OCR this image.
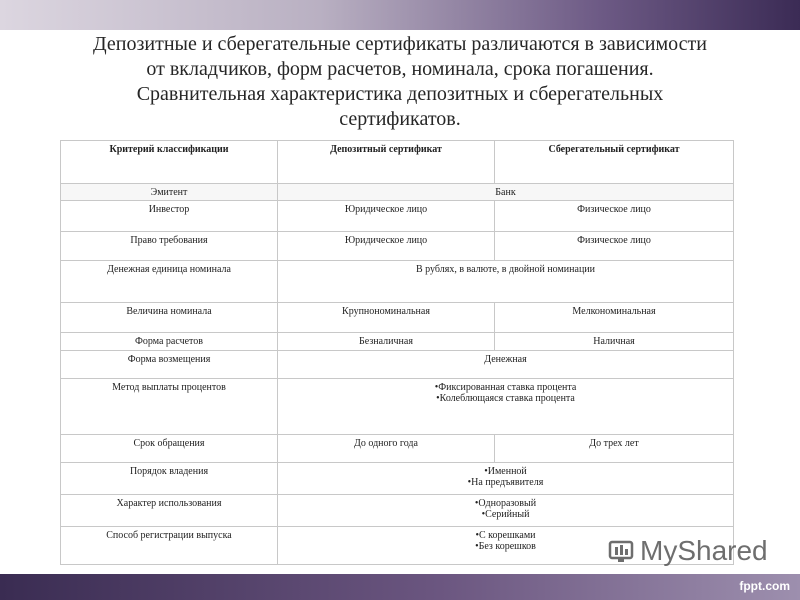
Депозитные и сберегательные сертификаты различаются в зависимости
от вкладчиков, форм расчетов, номинала, срока погашения.
Сравнительная характеристика депозитных и сберегательных
сертификатов.
Критерий классификации	Депозитный сертификат	Сберегательный сертификат
Эмитент	Банк	
Инвестор	Юридическое лицо	Физическое лицо
Право требования	Юридическое лицо	Физическое лицо
Денежная единица номинала	В рублях, в валюте, в двойной номинации	
Величина номинала	Крупнономинальная	Мелкономинальная
Форма расчетов	Безналичная	Наличная
Форма возмещения	Денежная	
Метод выплаты процентов	• Фиксированная ставка процента
• Колеблющаяся ставка процента

Срок обращения	До одного года	До трех лет
Порядок владения	• Именной
• На предъявителя

Характер использования	• Одноразовый
• Серийный

Способ регистрации выпуска	• С корешками
• Без корешков	MyShared
fppt.com
